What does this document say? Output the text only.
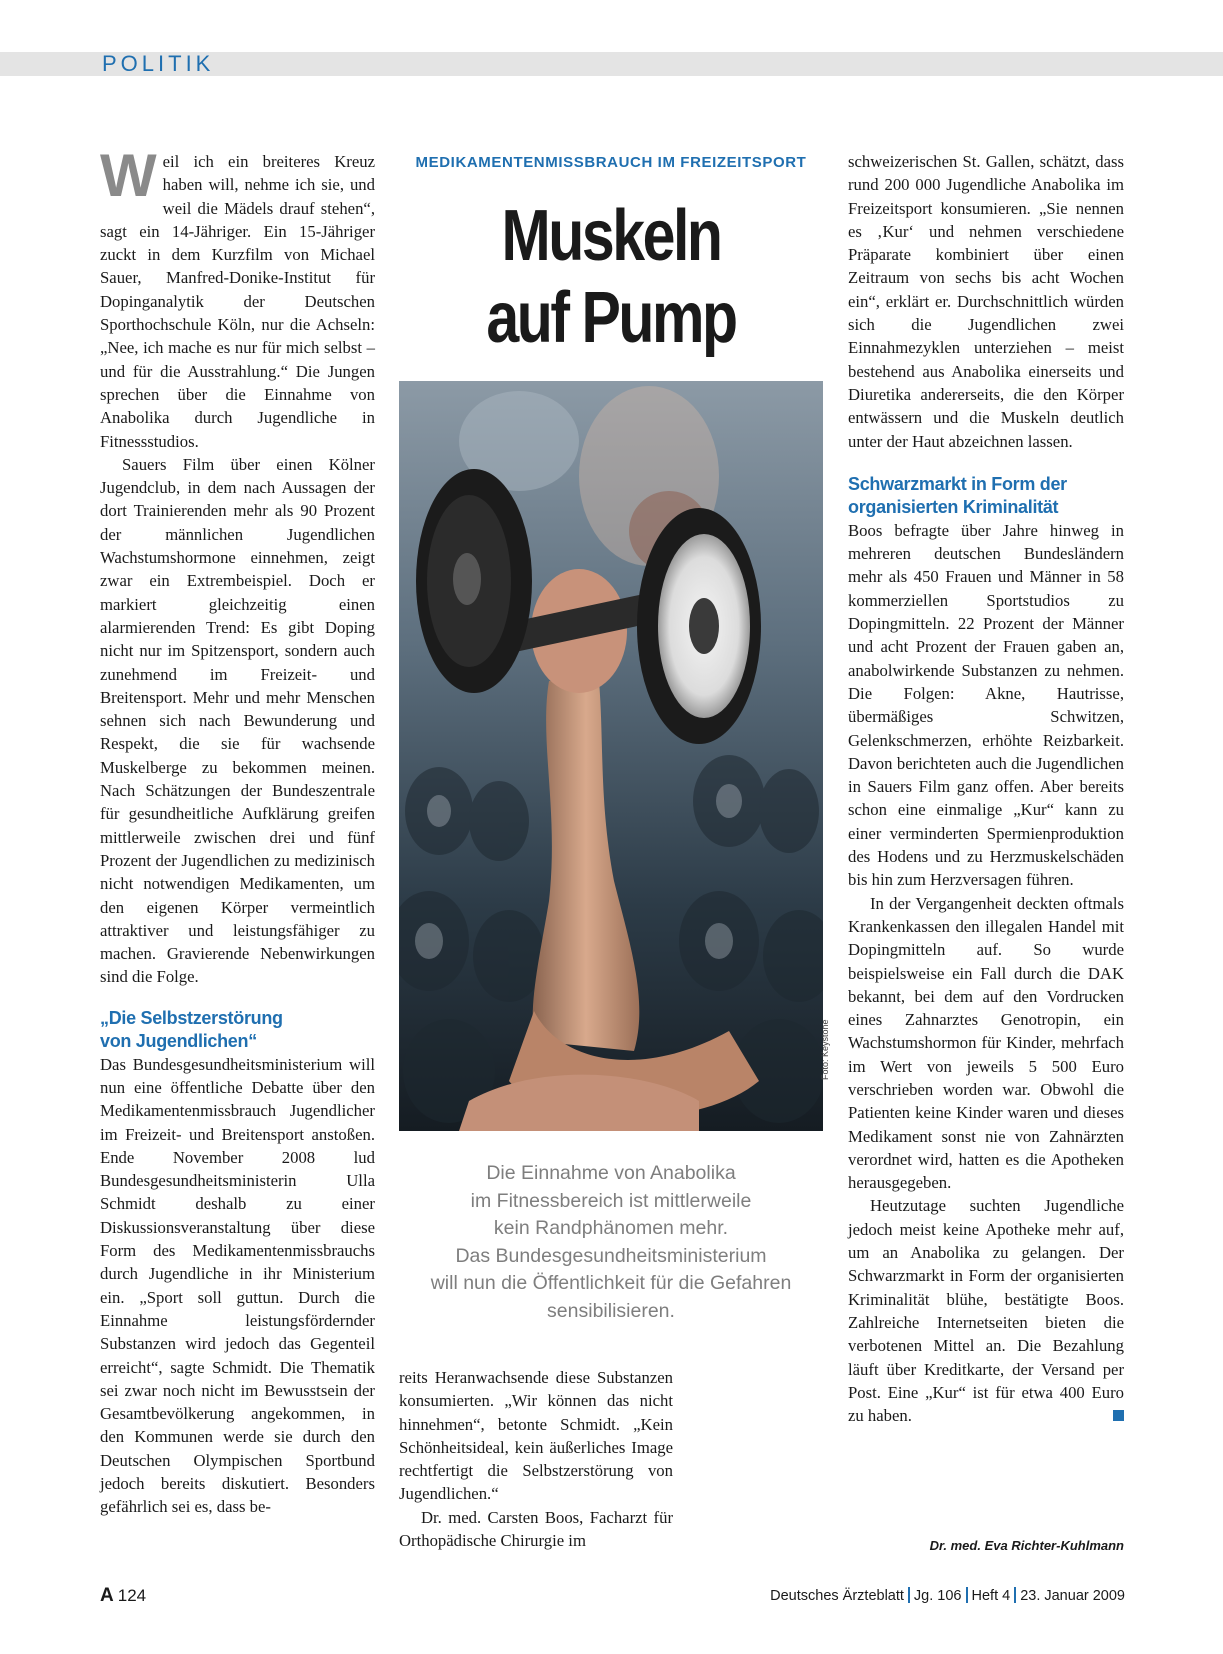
POLITIK

Weil ich ein breiteres Kreuz haben will, nehme ich sie, und weil die Mädels drauf stehen“, sagt ein 14-Jähriger. Ein 15-Jähriger zuckt in dem Kurzfilm von Michael Sauer, Manfred-Donike-Institut für Dopinganalytik der Deutschen Sporthochschule Köln, nur die Achseln: „Nee, ich mache es nur für mich selbst – und für die Ausstrahlung.“ Die Jungen sprechen über die Einnahme von Anabolika durch Jugendliche in Fitnessstudios.

Sauers Film über einen Kölner Jugendclub, in dem nach Aussagen der dort Trainierenden mehr als 90 Prozent der männlichen Jugendlichen Wachstumshormone einnehmen, zeigt zwar ein Extrembeispiel. Doch er markiert gleichzeitig einen alarmierenden Trend: Es gibt Doping nicht nur im Spitzensport, sondern auch zunehmend im Freizeit- und Breitensport. Mehr und mehr Menschen sehnen sich nach Bewunderung und Respekt, die sie für wachsende Muskelberge zu bekommen meinen. Nach Schätzungen der Bundeszentrale für gesundheitliche Aufklärung greifen mittlerweile zwischen drei und fünf Prozent der Jugendlichen zu medizinisch nicht notwendigen Medikamenten, um den eigenen Körper vermeintlich attraktiver und leistungsfähiger zu machen. Gravierende Nebenwirkungen sind die Folge.

„Die Selbstzerstörung
von Jugendlichen“

Das Bundesgesundheitsministerium will nun eine öffentliche Debatte über den Medikamentenmissbrauch Jugendlicher im Freizeit- und Breitensport anstoßen. Ende November 2008 lud Bundesgesundheitsministerin Ulla Schmidt deshalb zu einer Diskussionsveranstaltung über diese Form des Medikamentenmissbrauchs durch Jugendliche in ihr Ministerium ein. „Sport soll guttun. Durch die Einnahme leistungsfördernder Substanzen wird jedoch das Gegenteil erreicht“, sagte Schmidt. Die Thematik sei zwar noch nicht im Bewusstsein der Gesamtbevölkerung angekommen, in den Kommunen werde sie durch den Deutschen Olympischen Sportbund jedoch bereits diskutiert. Besonders gefährlich sei es, dass be-

MEDIKAMENTENMISSBRAUCH IM FREIZEITSPORT
Muskeln
auf Pump
Foto: Keystone
Die Einnahme von Anabolika
im Fitnessbereich ist mittlerweile
kein Randphänomen mehr.
Das Bundesgesundheitsministerium
will nun die Öffentlichkeit für die Gefahren
sensibilisieren.

reits Heranwachsende diese Substanzen konsumierten. „Wir können das nicht hinnehmen“, betonte Schmidt. „Kein Schönheitsideal, kein äußerliches Image rechtfertigt die Selbstzerstörung von Jugendlichen.“

Dr. med. Carsten Boos, Facharzt für Orthopädische Chirurgie im

schweizerischen St. Gallen, schätzt, dass rund 200 000 Jugendliche Anabolika im Freizeitsport konsumieren. „Sie nennen es ‚Kur‘ und nehmen verschiedene Präparate kombiniert über einen Zeitraum von sechs bis acht Wochen ein“, erklärt er. Durchschnittlich würden sich die Jugendlichen zwei Einnahmezyklen unterziehen – meist bestehend aus Anabolika einerseits und Diuretika andererseits, die den Körper entwässern und die Muskeln deutlich unter der Haut abzeichnen lassen.

Schwarzmarkt in Form der
organisierten Kriminalität

Boos befragte über Jahre hinweg in mehreren deutschen Bundesländern mehr als 450 Frauen und Männer in 58 kommerziellen Sportstudios zu Dopingmitteln. 22 Prozent der Männer und acht Prozent der Frauen gaben an, anabolwirkende Substanzen zu nehmen. Die Folgen: Akne, Hautrisse, übermäßiges Schwitzen, Gelenkschmerzen, erhöhte Reizbarkeit. Davon berichteten auch die Jugendlichen in Sauers Film ganz offen. Aber bereits schon eine einmalige „Kur“ kann zu einer verminderten Spermienproduktion des Hodens und zu Herzmuskelschäden bis hin zum Herzversagen führen.

In der Vergangenheit deckten oftmals Krankenkassen den illegalen Handel mit Dopingmitteln auf. So wurde beispielsweise ein Fall durch die DAK bekannt, bei dem auf den Vordrucken eines Zahnarztes Genotropin, ein Wachstumshormon für Kinder, mehrfach im Wert von jeweils 5 500 Euro verschrieben worden war. Obwohl die Patienten keine Kinder waren und dieses Medikament sonst nie von Zahnärzten verordnet wird, hatten es die Apotheken herausgegeben.

Heutzutage suchten Jugendliche jedoch meist keine Apotheke mehr auf, um an Anabolika zu gelangen. Der Schwarzmarkt in Form der organisierten Kriminalität blühe, bestätigte Boos. Zahlreiche Internetseiten bieten die verbotenen Mittel an. Die Bezahlung läuft über Kreditkarte, der Versand per Post. Eine „Kur“ ist für etwa 400 Euro zu haben.

Dr. med. Eva Richter-Kuhlmann
A 124	Deutsches Ärzteblatt Jg. 106 Heft 4 23. Januar 2009
